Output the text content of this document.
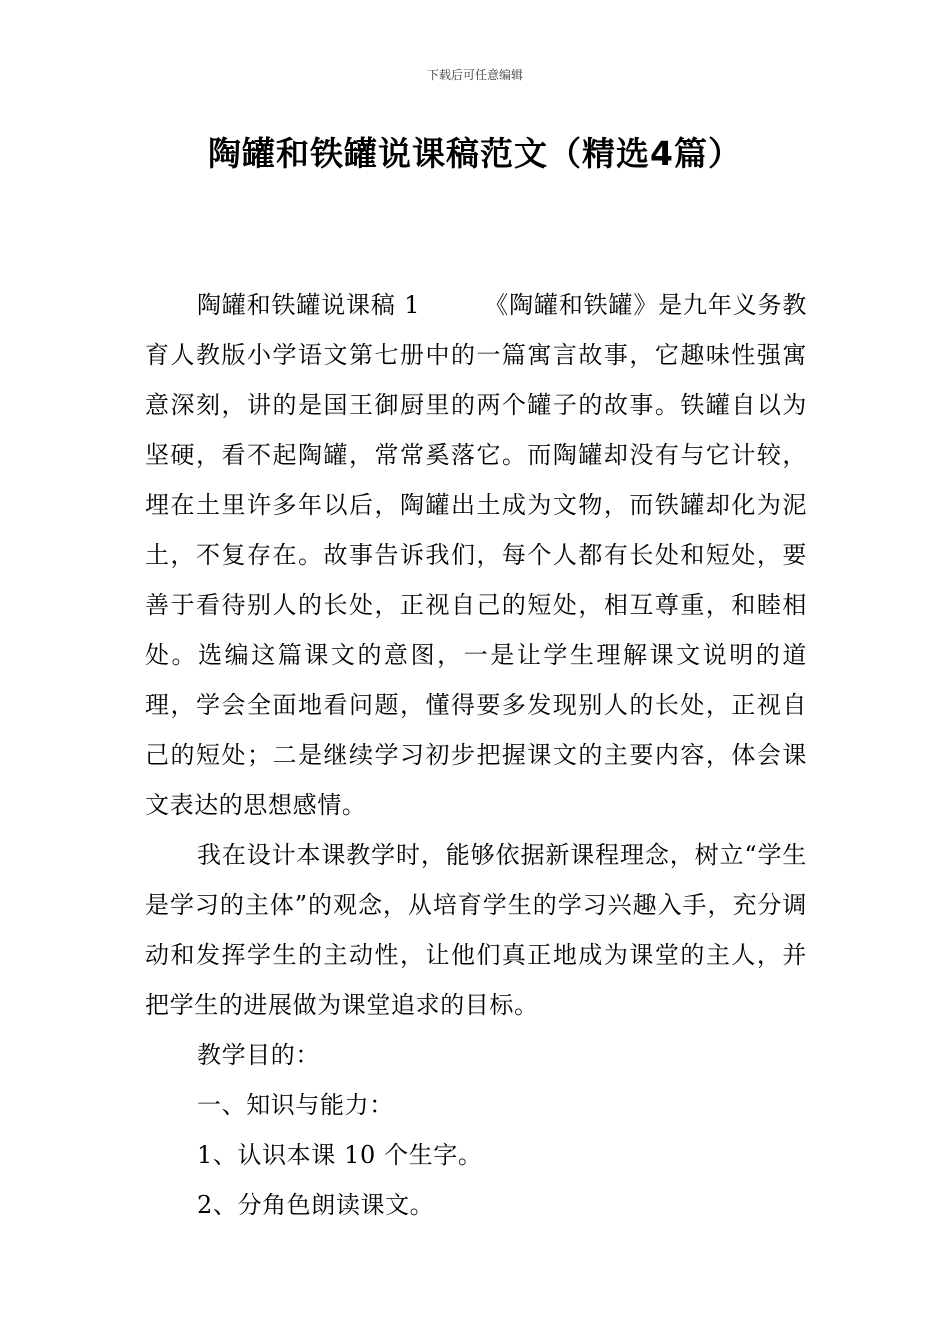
下载后可任意编辑
陶罐和铁罐说课稿范文（精选4篇）

陶罐和铁罐说课稿 1	《陶罐和铁罐》是九年义务教育人教版小学语文第七册中的一篇寓言故事，它趣味性强寓意深刻，讲的是国王御厨里的两个罐子的故事。铁罐自以为坚硬，看不起陶罐，常常奚落它。而陶罐却没有与它计较，埋在土里许多年以后，陶罐出土成为文物，而铁罐却化为泥土，不复存在。故事告诉我们，每个人都有长处和短处，要善于看待别人的长处，正视自己的短处，相互尊重，和睦相处。选编这篇课文的意图，一是让学生理解课文说明的道理，学会全面地看问题，懂得要多发现别人的长处，正视自己的短处；二是继续学习初步把握课文的主要内容，体会课文表达的思想感情。

我在设计本课教学时，能够依据新课程理念，树立“学生是学习的主体”的观念，从培育学生的学习兴趣入手，充分调动和发挥学生的主动性，让他们真正地成为课堂的主人，并把学生的进展做为课堂追求的目标。

教学目的：

一、知识与能力：

1、认识本课 10 个生字。

2、分角色朗读课文。
